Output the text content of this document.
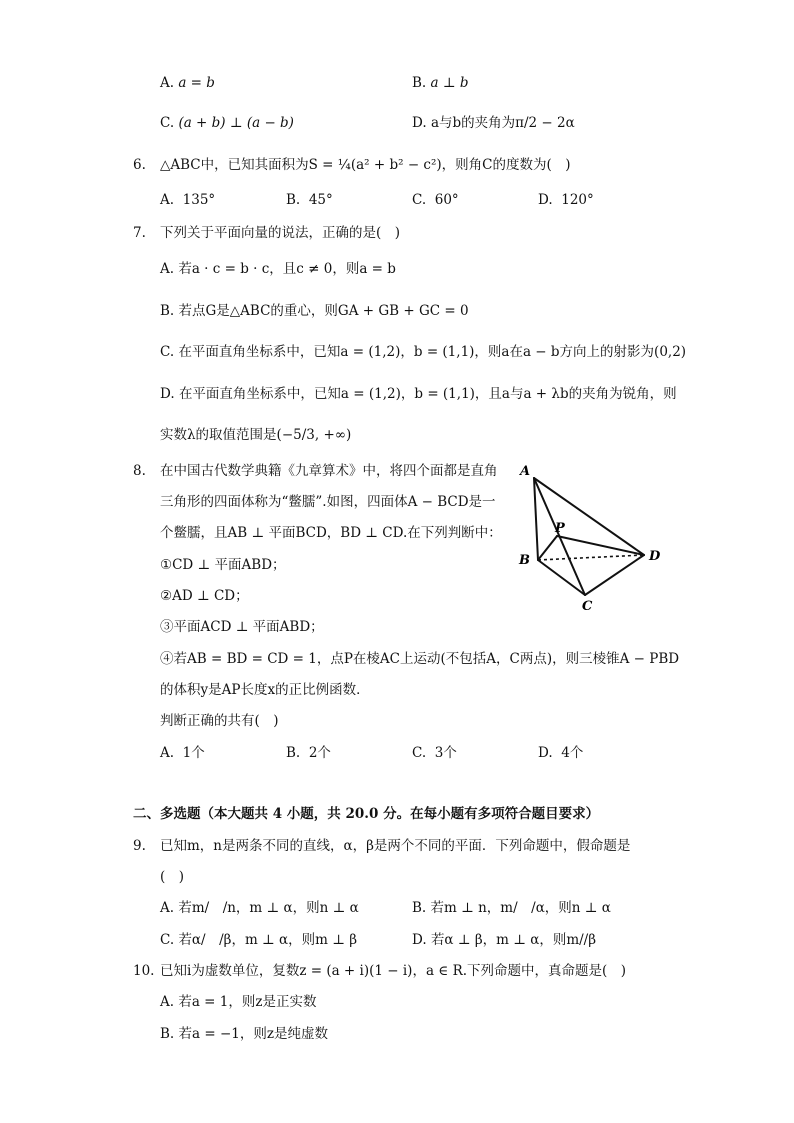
A. a = b	B. a ⊥ b
C. (a + b) ⊥ (a − b)	D. a与b的夹角为π/2 − 2α
6. △ABC中，已知其面积为S = ¼(a² + b² − c²)，则角C的度数为(　)
A. 135°	B. 45°	C. 60°	D. 120°
7. 下列关于平面向量的说法，正确的是(　)
A. 若a · c = b · c，且c ≠ 0，则a = b
B. 若点G是△ABC的重心，则GA + GB + GC = 0
C. 在平面直角坐标系中，已知a = (1,2)，b = (1,1)，则a在a − b方向上的射影为(0,2)
D. 在平面直角坐标系中，已知a = (1,2)，b = (1,1)，且a与a + λb的夹角为锐角，则
实数λ的取值范围是(−5/3, +∞)
8. 在中国古代数学典籍《九章算术》中，将四个面都是直角
三角形的四面体称为“鳖臑”.如图，四面体A − BCD是一
个鳖臑，且AB ⊥ 平面BCD，BD ⊥ CD.在下列判断中：
①CD ⊥ 平面ABD；
②AD ⊥ CD；
③平面ACD ⊥ 平面ABD；
④若AB = BD = CD = 1，点P在棱AC上运动(不包括A，C两点)，则三棱锥A − PBD
的体积y是AP长度x的正比例函数．
判断正确的共有(　)
A. 1个	B. 2个	C. 3个	D. 4个
A
B
C
D
P
二、多选题（本大题共 4 小题，共 20.0 分。在每小题有多项符合题目要求）
9. 已知m，n是两条不同的直线，α，β是两个不同的平面．下列命题中，假命题是
(　)
A. 若m/　/n，m ⊥ α，则n ⊥ α	B. 若m ⊥ n，m/　/α，则n ⊥ α
C. 若α/　/β，m ⊥ α，则m ⊥ β	D. 若α ⊥ β，m ⊥ α，则m//β
10. 已知i为虚数单位，复数z = (a + i)(1 − i)，a ∈ R.下列命题中，真命题是(　)
A. 若a = 1，则z是正实数
B. 若a = −1，则z是纯虚数
